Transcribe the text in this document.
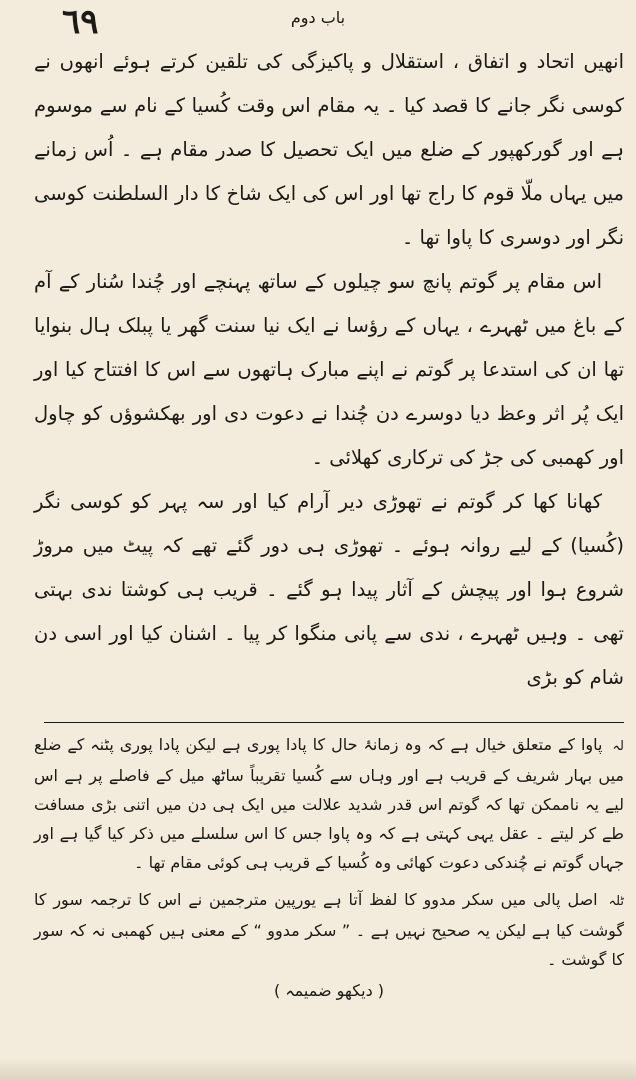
٦٩	باب دوم

انھیں اتحاد و اتفاق ، استقلال و پاکیزگی کی تلقین کرتے ہوئے انھوں نے کوسی نگر جانے کا قصد کیا ۔ یہ مقام اس وقت کُسیا کے نام سے موسوم ہے اور گورکھپور کے ضلع میں ایک تحصیل کا صدر مقام ہے ۔ اُس زمانے میں یہاں ملّا قوم کا راج تھا اور اس کی ایک شاخ کا دار السلطنت کوسی نگر اور دوسری کا پاوا تھا ۔

اس مقام پر گوتم پانچ سو چیلوں کے ساتھ پہنچے اور چُندا سُنار کے آم کے باغ میں ٹھہرے ، یہاں کے رؤسا نے ایک نیا سنت گھر یا پبلک ہال بنوایا تھا ان کی استدعا پر گوتم نے اپنے مبارک ہاتھوں سے اس کا افتتاح کیا اور ایک پُر اثر وعظ دیا دوسرے دن چُندا نے دعوت دی اور بھکشوؤں کو چاول اور کھمبی کی جڑ کی ترکاری کھلائی ۔

کھانا کھا کر گوتم نے تھوڑی دیر آرام کیا اور سہ پہر کو کوسی نگر (کُسیا) کے لیے روانہ ہوئے ۔ تھوڑی ہی دور گئے تھے کہ پیٹ میں مروڑ شروع ہوا اور پیچش کے آثار پیدا ہو گئے ۔ قریب ہی کوشتا ندی بہتی تھی ۔ وہیں ٹھہرے ، ندی سے پانی منگوا کر پیا ۔ اشنان کیا اور اسی دن شام کو بڑی

لہ پاوا کے متعلق خیال ہے کہ وہ زمانۂ حال کا پادا پوری ہے لیکن پادا پوری پٹنہ کے ضلع میں بہار شریف کے قریب ہے اور وہاں سے کُسیا تقریباً ساٹھ میل کے فاصلے پر ہے اس لیے یہ ناممکن تھا کہ گوتم اس قدر شدید علالت میں ایک ہی دن میں اتنی بڑی مسافت طے کر لیتے ۔ عقل یہی کہتی ہے کہ وہ پاوا جس کا اس سلسلے میں ذکر کیا گیا ہے اور جہاں گوتم نے چُندکی دعوت کھائی وہ کُسیا کے قریب ہی کوئی مقام تھا ۔

ٹلہ اصل پالی میں سکر مدوو کا لفظ آتا ہے یورپین مترجمین نے اس کا ترجمہ سور کا گوشت کیا ہے لیکن یہ صحیح نہیں ہے ۔ ” سکر مدوو “ کے معنی ہیں کھمبی نہ کہ سور کا گوشت ۔

( دیکھو ضمیمہ )
